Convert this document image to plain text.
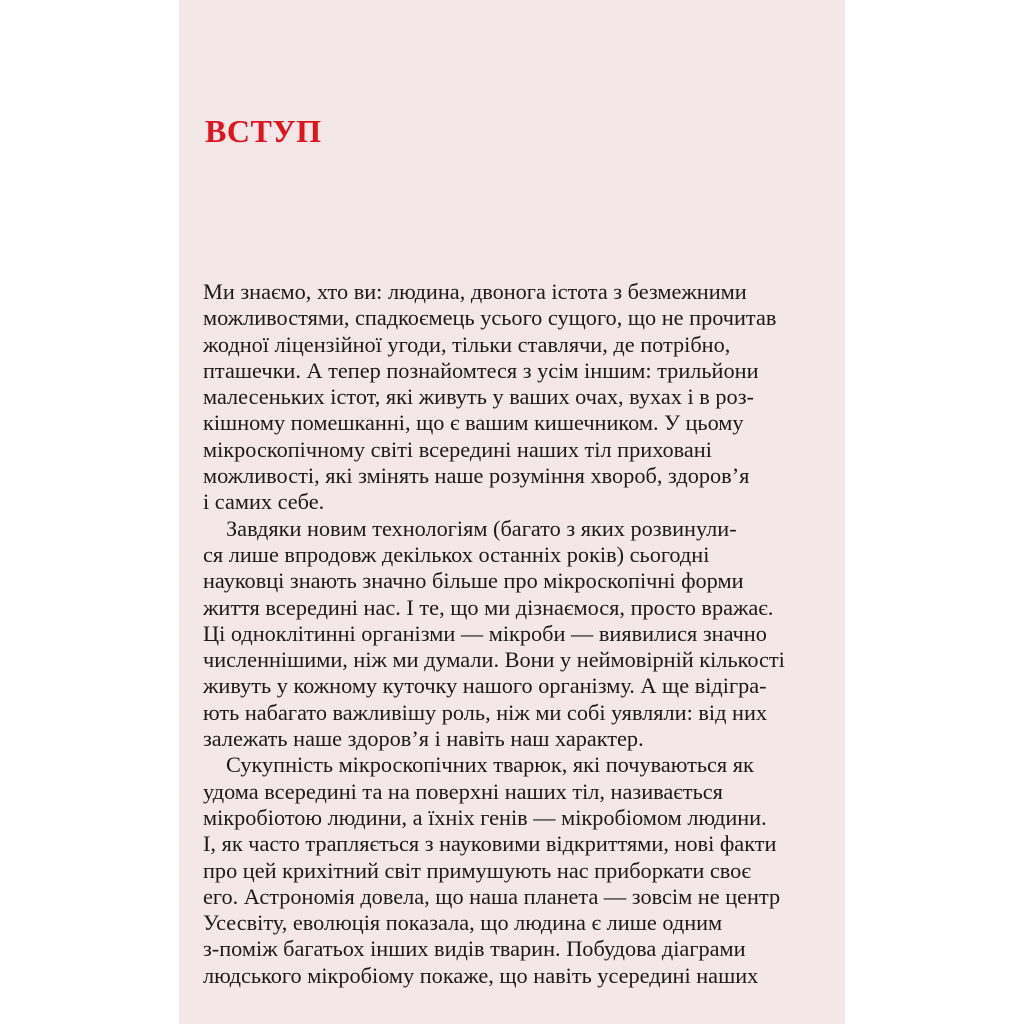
ВСТУП
Ми знаємо, хто ви: людина, двонога істота з безмежними
можливостями, спадкоємець усього сущого, що не прочитав
жодної ліцензійної угоди, тільки ставлячи, де потрібно,
пташечки. А тепер познайомтеся з усім іншим: трильйони
малесеньких істот, які живуть у ваших очах, вухах і в роз-
кішному помешканні, що є вашим кишечником. У цьому
мікроскопічному світі всередині наших тіл приховані
можливості, які змінять наше розуміння хвороб, здоров’я
і самих себе.
Завдяки новим технологіям (багато з яких розвинули-
ся лише впродовж декількох останніх років) сьогодні
науковці знають значно більше про мікроскопічні форми
життя всередині нас. І те, що ми дізнаємося, просто вражає.
Ці одноклітинні організми — мікроби — виявилися значно
численнішими, ніж ми думали. Вони у неймовірній кількості
живуть у кожному куточку нашого організму. А ще відігра-
ють набагато важливішу роль, ніж ми собі уявляли: від них
залежать наше здоров’я і навіть наш характер.
Сукупність мікроскопічних тварюк, які почуваються як
удома всередині та на поверхні наших тіл, називається
мікробіотою людини, а їхніх генів — мікробіомом людини.
І, як часто трапляється з науковими відкриттями, нові факти
про цей крихітний світ примушують нас приборкати своє
его. Астрономія довела, що наша планета — зовсім не центр
Усесвіту, еволюція показала, що людина є лише одним
з-поміж багатьох інших видів тварин. Побудова діаграми
людського мікробіому покаже, що навіть усередині наших
